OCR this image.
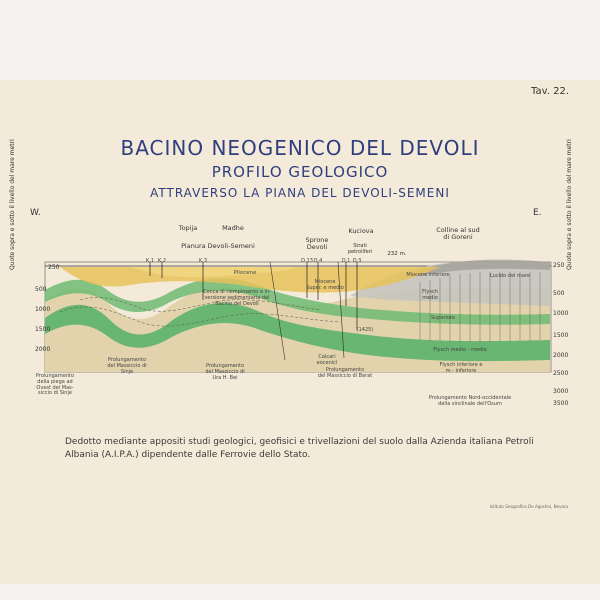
Tav. 22.
BACINO NEOGENICO DEL DEVOLI
PROFILO GEOLOGICO
ATTRAVERSO LA PIANA DEL DEVOLI-SEMENI
Quote sopra e sotto il livello del mare metri	Quote sopra e sotto il livello del mare metri
W.	E.
250
500
1000
1500
2000
250
500
1000
1500
2000
2500
3000
3500
Topija	Madhe
Pianura Devoli-Semeni
Sprone
Devoli
Kuciova
Strati
petroliferi	232 m.
Colline al sud
di Goreni
K.1 K.2	K.3	D.13 D.4	D.1 D.3
Pliocene
Conca di riempimento e in-
versione sedimentaria del
Bacino del Devoli
Miocene
Super. e medio
Miocene inferiore	Lucido del mare
Flysch
medio
Superiore
Flysch medio - medio
Flysch inferiore e
m.- inferiore
(1425)
Prolungamento
della piega ad
Ovest del Mas-
siccio di Sinje
Prolungamento
del Massiccio di
Sinje
Prolungamento
del Massiccio di
Ura H. Bei
Calcari
eocenici
Prolungamento
del Massiccio di Berat
Prolungamento Nord-occidentale
della sinclinale dell'Osum
Dedotto mediante appositi studi geologici, geofisici e trivellazioni del suolo dalla Azienda italiana Petroli Albania (A.I.P.A.) dipendente dalle Ferrovie dello Stato.
Istituto Geografico De Agostini, Novara
